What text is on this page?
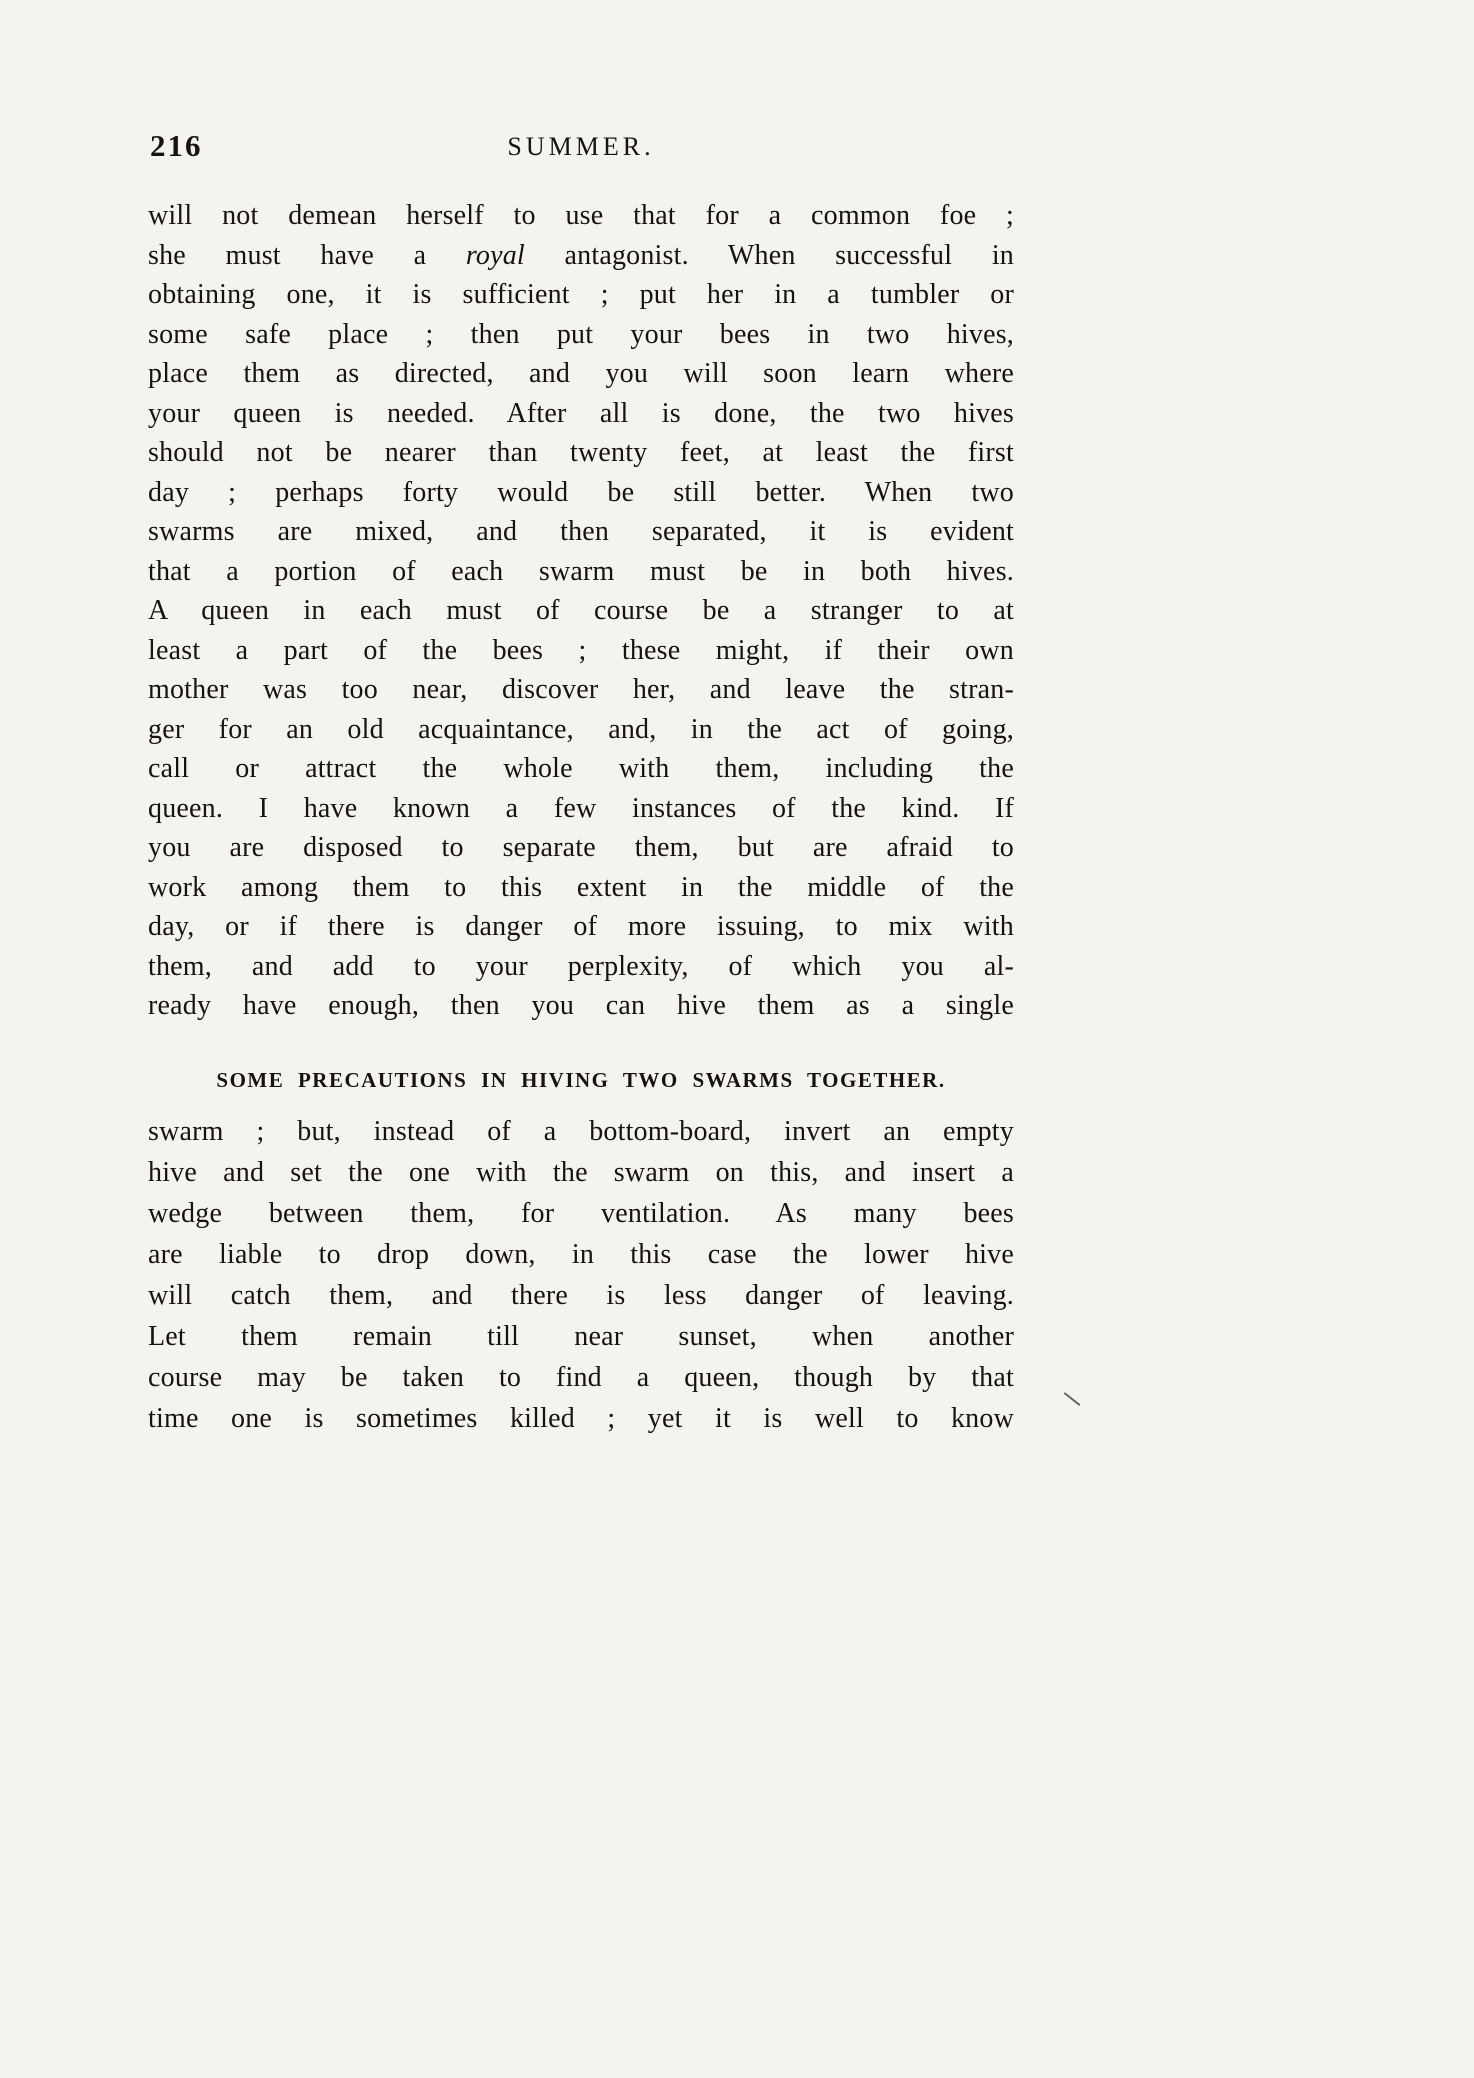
216	SUMMER.
will not demean herself to use that for a common foe ;
she must have a royal antagonist. When successful in
obtaining one, it is sufficient ; put her in a tumbler or
some safe place ; then put your bees in two hives,
place them as directed, and you will soon learn where
your queen is needed. After all is done, the two hives
should not be nearer than twenty feet, at least the first
day ; perhaps forty would be still better. When two
swarms are mixed, and then separated, it is evident
that a portion of each swarm must be in both hives.
A queen in each must of course be a stranger to at
least a part of the bees ; these might, if their own
mother was too near, discover her, and leave the stran-
ger for an old acquaintance, and, in the act of going,
call or attract the whole with them, including the
queen. I have known a few instances of the kind. If
you are disposed to separate them, but are afraid to
work among them to this extent in the middle of the
day, or if there is danger of more issuing, to mix with
them, and add to your perplexity, of which you al-
ready have enough, then you can hive them as a single
SOME PRECAUTIONS IN HIVING TWO SWARMS TOGETHER.
swarm ; but, instead of a bottom-board, invert an empty
hive and set the one with the swarm on this, and insert a
wedge between them, for ventilation. As many bees
are liable to drop down, in this case the lower hive
will catch them, and there is less danger of leaving.
Let them remain till near sunset, when another
course may be taken to find a queen, though by that
time one is sometimes killed ; yet it is well to know
